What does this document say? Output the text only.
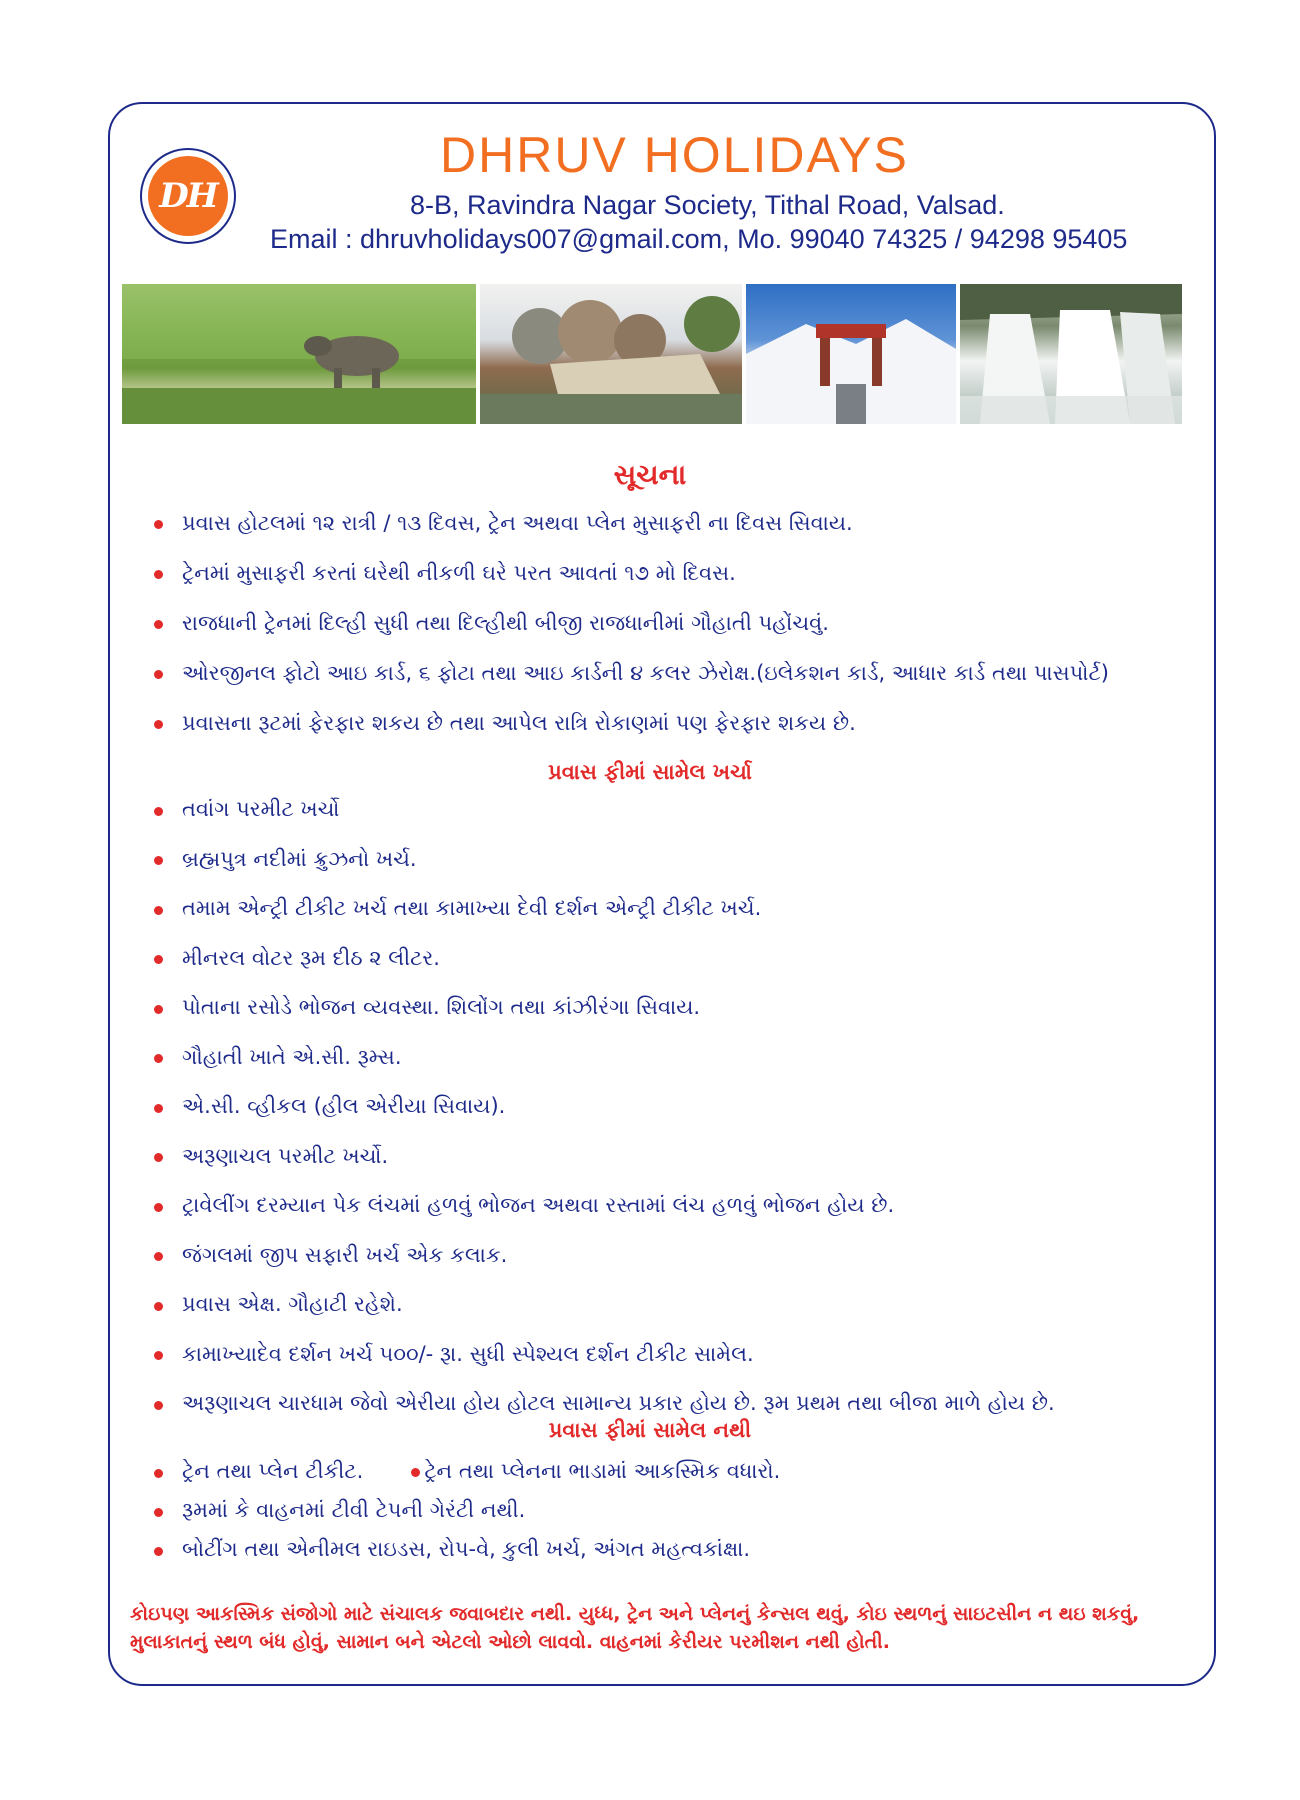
DH
DHRUV HOLIDAYS
8-B, Ravindra Nagar Society, Tithal Road, Valsad.
Email : dhruvholidays007@gmail.com, Mo. 99040 74325 / 94298 95405
સૂચના
પ્રવાસ હોટલમાં ૧૨ રાત્રી / ૧૩ દિવસ, ટ્રેન અથવા પ્લેન મુસાફરી ના દિવસ સિવાય.
ટ્રેનમાં મુસાફરી કરતાં ઘરેથી નીકળી ઘરે પરત આવતાં ૧૭ મો દિવસ.
રાજધાની ટ્રેનમાં દિલ્હી સુધી તથા દિલ્હીથી બીજી રાજધાનીમાં ગૌહાતી પહોંચવું.
ઓરજીનલ ફોટો આઇ કાર્ડ, ૬ ફોટા તથા આઇ કાર્ડની ૪ કલર ઝેરોક્ષ.(ઇલેકશન કાર્ડ, આધાર કાર્ડ તથા પાસપોર્ટ)
પ્રવાસના રૂટમાં ફેરફાર શકય છે તથા આપેલ રાત્રિ રોકાણમાં પણ ફેરફાર શકય છે.
પ્રવાસ ફીમાં સામેલ ખર્ચા
તવાંગ પરમીટ ખર્ચો
બ્રહ્મપુત્ર નદીમાં ક્રુઝનો ખર્ચ.
તમામ એન્ટ્રી ટીકીટ ખર્ચ તથા કામાખ્યા દેવી દર્શન એન્ટ્રી ટીકીટ ખર્ચ.
મીનરલ વોટર રૂમ દીઠ ૨ લીટર.
પોતાના રસોડે ભોજન વ્યવસ્થા. શિલોંગ તથા કાંઝીરંગા સિવાય.
ગૌહાતી ખાતે એ.સી. રૂમ્સ.
એ.સી. વ્હીકલ (હીલ એરીયા સિવાય).
અરૂણાચલ પરમીટ ખર્ચો.
ટ્રાવેલીંગ દરમ્યાન પેક લંચમાં હળવું ભોજન અથવા રસ્તામાં લંચ હળવું ભોજન હોય છે.
જંગલમાં જીપ સફારી ખર્ચ એક કલાક.
પ્રવાસ એક્ષ. ગૌહાટી રહેશે.
કામાખ્યાદેવ દર્શન ખર્ચ ૫૦૦/- રૂા. સુધી સ્પેશ્યલ દર્શન ટીકીટ સામેલ.
અરૂણાચલ ચારધામ જેવો એરીયા હોય હોટલ સામાન્ય પ્રકાર હોય છે. રૂમ પ્રથમ તથા બીજા માળે હોય છે.
પ્રવાસ ફીમાં સામેલ નથી
ટ્રેન તથા પ્લેન ટીકીટ.	ટ્રેન તથા પ્લેનના ભાડામાં આકસ્મિક વધારો.
રૂમમાં કે વાહનમાં ટીવી ટેપની ગેરંટી નથી.
બોટીંગ તથા એનીમલ રાઇડસ, રોપ-વે, કુલી ખર્ચ, અંગત મહત્વકાંક્ષા.
કોઇપણ આકસ્મિક સંજોગો માટે સંચાલક જવાબદાર નથી. યુધ્ધ, ટ્રેન અને પ્લેનનું કેન્સલ થવું, કોઇ સ્થળનું સાઇટસીન ન થઇ શકવું, મુલાકાતનું સ્થળ બંધ હોવું, સામાન બને એટલો ઓછો લાવવો. વાહનમાં કેરીયર પરમીશન નથી હોતી.
